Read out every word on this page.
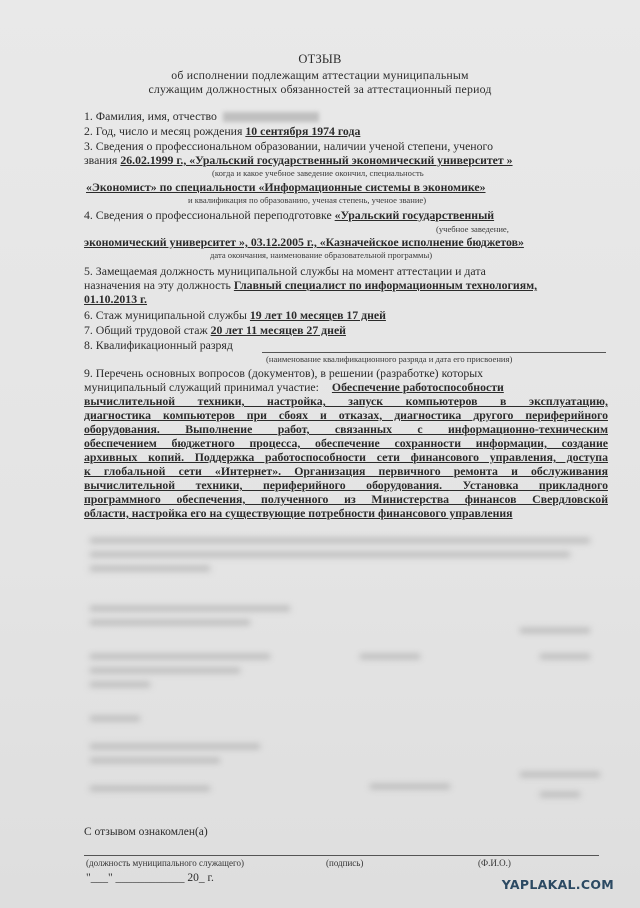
ОТЗЫВ
об исполнении подлежащим аттестации муниципальным
служащим должностных обязанностей за аттестационный период
1. Фамилия, имя, отчество
2. Год, число и месяц рождения 10 сентября 1974 года
3. Сведения о профессиональном образовании, наличии ученой степени, ученого
звания 26.02.1999 г., «Уральский государственный экономический университет »
(когда и какое учебное заведение окончил, специальность
«Экономист» по специальности «Информационные системы в экономике»
и квалификация по образованию, ученая степень, ученое звание)
4. Сведения о профессиональной переподготовке «Уральский государственный
(учебное заведение,
экономический университет », 03.12.2005 г., «Казначейское исполнение бюджетов»
дата окончания, наименование образовательной программы)
5. Замещаемая должность муниципальной службы на момент аттестации и дата
назначения на эту должность Главный специалист по информационным технологиям,
01.10.2013 г.
6. Стаж муниципальной службы 19 лет 10 месяцев 17 дней
7. Общий трудовой стаж 20 лет 11 месяцев 27 дней
8. Квалификационный разряд
(наименование квалификационного разряда и дата его присвоения)
9. Перечень основных вопросов (документов), в решении (разработке) которых
муниципальный служащий принимал участие: Обеспечение работоспособности
вычислительной техники, настройка, запуск компьютеров в эксплуатацию,
диагностика компьютеров при сбоях и отказах, диагностика другого периферийного
оборудования. Выполнение работ, связанных с информационно-техническим
обеспечением бюджетного процесса, обеспечение сохранности информации, создание
архивных копий. Поддержка работоспособности сети финансового управления, доступа
к глобальной сети «Интернет». Организация первичного ремонта и обслуживания
вычислительной техники, периферийного оборудования. Установка прикладного
программного обеспечения, полученного из Министерства финансов Свердловской
области, настройка его на существующие потребности финансового управления
С отзывом ознакомлен(а)
(должность муниципального служащего)	(подпись)	(Ф.И.О.)
"___" ____________ 20_ г.	YAPLAKAL.COM
